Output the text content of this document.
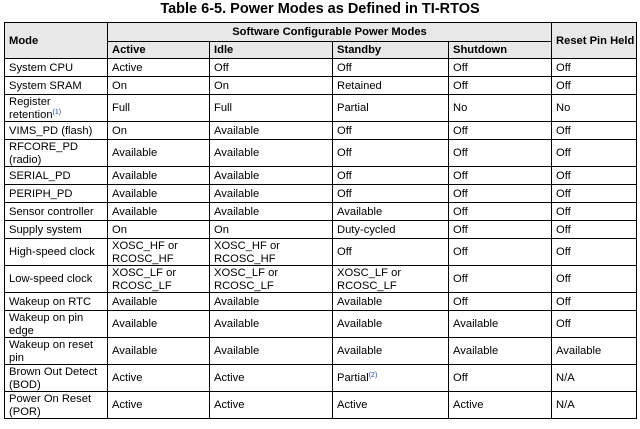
Table 6-5. Power Modes as Defined in TI-RTOS
Mode	Software Configurable Power Modes				Reset Pin Held
	Active	Idle	Standby	Shutdown	

System CPU	Active	Off	Off	Off	Off

System SRAM	On	On	Retained	Off	Off

Register retention$^{(1)}$	Full	Full	Partial	No	No

VIMS_PD (flash)	On	Available	Off	Off	Off

RFCORE_PD
(radio)	Available	Available	Off	Off	Off

SERIAL_PD	Available	Available	Off	Off	Off

PERIPH_PD	Available	Available	Off	Off	Off

Sensor controller	Available	Available	Available	Off	Off

Supply system	On	On	Duty-cycled	Off	Off

High-speed clock	XOSC_HF or
RCOSC_HF	XOSC_HF or
RCOSC_HF	Off	Off	Off

Low-speed clock	XOSC_LF or
RCOSC_LF	XOSC_LF or
RCOSC_LF	XOSC_LF or
RCOSC_LF	Off	Off

Wakeup on RTC	Available	Available	Available	Off	Off

Wakeup on pin
edge	Available	Available	Available	Available	Off

Wakeup on reset
pin	Available	Available	Available	Available	Available

Brown Out Detect
(BOD)	Active	Active	Partial$^{(2)}$	Off	N/A

Power On Reset
(POR)	Active	Active	Active	Active	N/A
